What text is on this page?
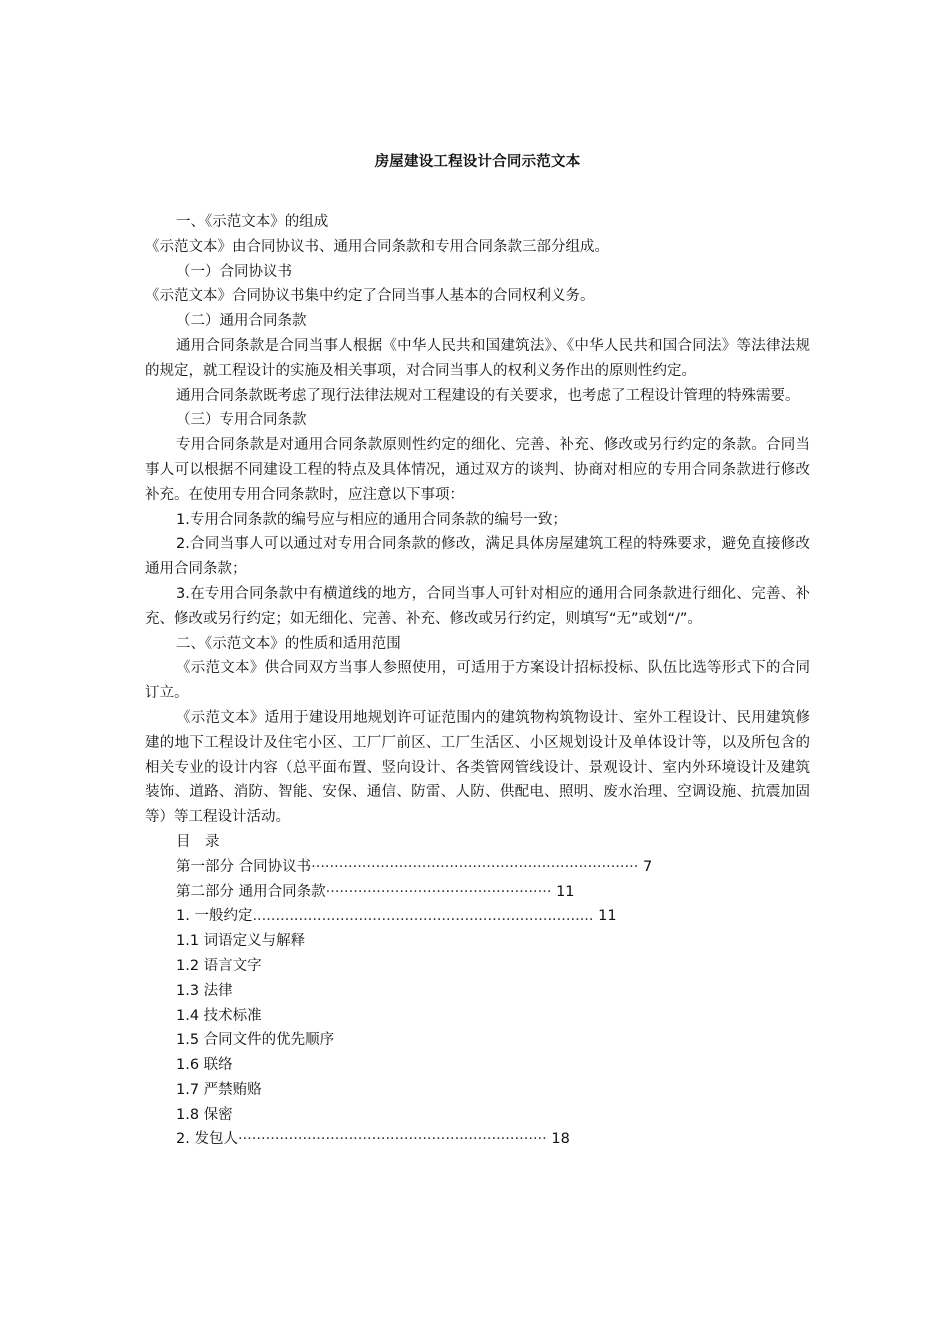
房屋建设工程设计合同示范文本

一、《示范文本》的组成

《示范文本》由合同协议书、通用合同条款和专用合同条款三部分组成。

（一）合同协议书

《示范文本》合同协议书集中约定了合同当事人基本的合同权利义务。

（二）通用合同条款

通用合同条款是合同当事人根据《中华人民共和国建筑法》、《中华人民共和国合同法》等法律法规的规定，就工程设计的实施及相关事项，对合同当事人的权利义务作出的原则性约定。

通用合同条款既考虑了现行法律法规对工程建设的有关要求，也考虑了工程设计管理的特殊需要。

（三）专用合同条款

专用合同条款是对通用合同条款原则性约定的细化、完善、补充、修改或另行约定的条款。合同当事人可以根据不同建设工程的特点及具体情况，通过双方的谈判、协商对相应的专用合同条款进行修改补充。在使用专用合同条款时，应注意以下事项：

1.专用合同条款的编号应与相应的通用合同条款的编号一致；

2.合同当事人可以通过对专用合同条款的修改，满足具体房屋建筑工程的特殊要求，避免直接修改通用合同条款；

3.在专用合同条款中有横道线的地方，合同当事人可针对相应的通用合同条款进行细化、完善、补充、修改或另行约定；如无细化、完善、补充、修改或另行约定，则填写“无”或划“/”。

二、《示范文本》的性质和适用范围

《示范文本》供合同双方当事人参照使用，可适用于方案设计招标投标、队伍比选等形式下的合同订立。

《示范文本》适用于建设用地规划许可证范围内的建筑物构筑物设计、室外工程设计、民用建筑修建的地下工程设计及住宅小区、工厂厂前区、工厂生活区、小区规划设计及单体设计等，以及所包含的相关专业的设计内容（总平面布置、竖向设计、各类管网管线设计、景观设计、室内外环境设计及建筑装饰、道路、消防、智能、安保、通信、防雷、人防、供配电、照明、废水治理、空调设施、抗震加固等）等工程设计活动。

目　录
第一部分 合同协议书······································································· 7
第二部分 通用合同条款················································· 11
1. 一般约定.......................................................................... 11
1.1 词语定义与解释
1.2 语言文字
1.3 法律
1.4 技术标准
1.5 合同文件的优先顺序
1.6 联络
1.7 严禁贿赂
1.8 保密
2. 发包人··································································· 18
